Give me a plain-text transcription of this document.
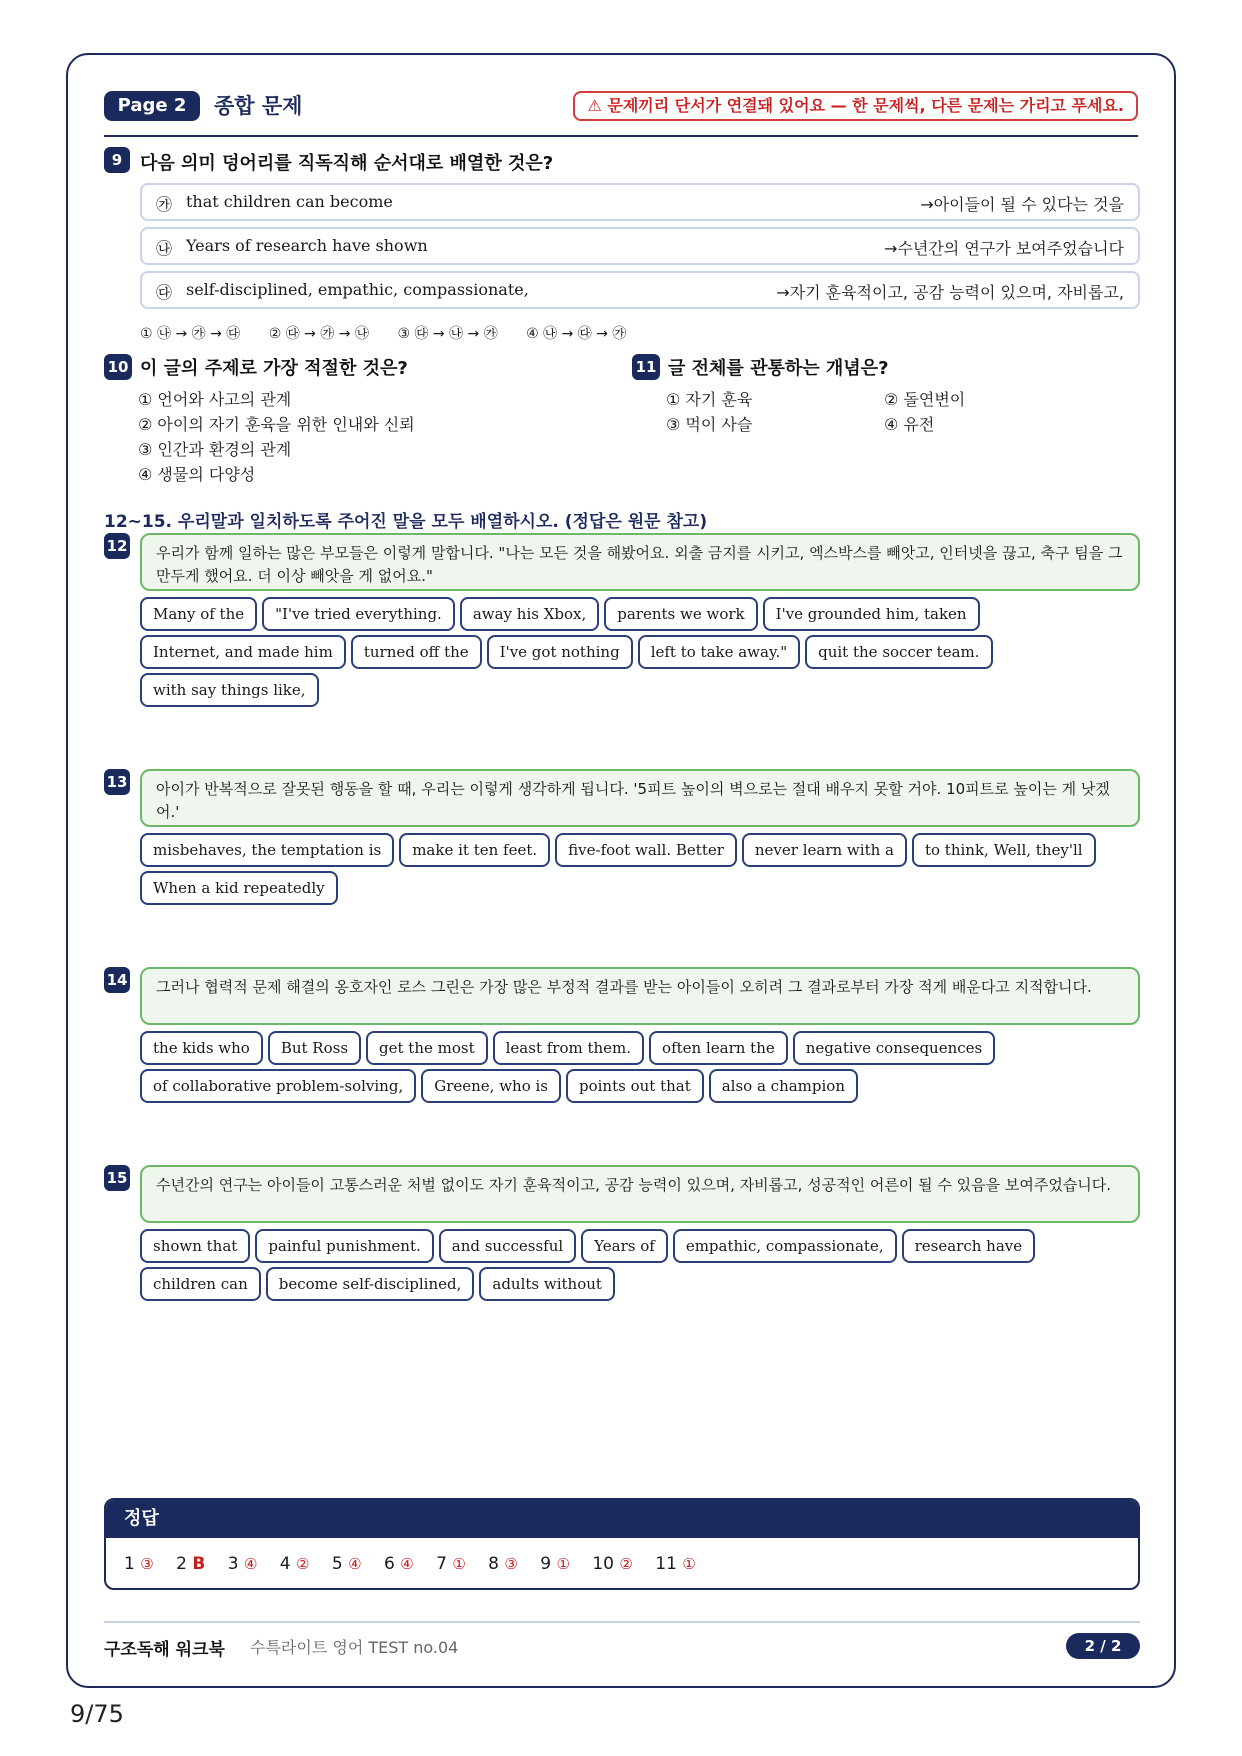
Page 2	종합 문제	⚠ 문제끼리 단서가 연결돼 있어요 — 한 문제씩, 다른 문제는 가리고 푸세요.
9 다음 의미 덩어리를 직독직해 순서대로 배열한 것은?
㉮ that children can become	→아이들이 될 수 있다는 것을
㉯ Years of research have shown	→수년간의 연구가 보여주었습니다
㉰ self-disciplined, empathic, compassionate,	→자기 훈육적이고, 공감 능력이 있으며, 자비롭고,
① ㉯ → ㉮ → ㉰ ② ㉰ → ㉮ → ㉯ ③ ㉰ → ㉯ → ㉮ ④ ㉯ → ㉰ → ㉮
10 이 글의 주제로 가장 적절한 것은?
① 언어와 사고의 관계
② 아이의 자기 훈육을 위한 인내와 신뢰
③ 인간과 환경의 관계
④ 생물의 다양성
11 글 전체를 관통하는 개념은?
① 자기 훈육	② 돌연변이
③ 먹이 사슬	④ 유전
12~15. 우리말과 일치하도록 주어진 말을 모두 배열하시오. (정답은 원문 참고)
12	우리가 함께 일하는 많은 부모들은 이렇게 말합니다. "나는 모든 것을 해봤어요. 외출 금지를 시키고, 엑스박스를 빼앗고, 인터넷을 끊고, 축구 팀을 그만두게 했어요. 더 이상 빼앗을 게 없어요."
Many of the "I've tried everything. away his Xbox, parents we work I've grounded him, takenInternet, and made him turned off the I've got nothing left to take away." quit the soccer team.with say things like,
13	아이가 반복적으로 잘못된 행동을 할 때, 우리는 이렇게 생각하게 됩니다. '5피트 높이의 벽으로는 절대 배우지 못할 거야. 10피트로 높이는 게 낫겠어.'
misbehaves, the temptation is make it ten feet. five-foot wall. Better never learn with a to think, Well, they'llWhen a kid repeatedly
14	그러나 협력적 문제 해결의 옹호자인 로스 그린은 가장 많은 부정적 결과를 받는 아이들이 오히려 그 결과로부터 가장 적게 배운다고 지적합니다.
the kids who But Ross get the most least from them. often learn the negative consequencesof collaborative problem-solving, Greene, who is points out that also a champion
15	수년간의 연구는 아이들이 고통스러운 처벌 없이도 자기 훈육적이고, 공감 능력이 있으며, 자비롭고, 성공적인 어른이 될 수 있음을 보여주었습니다.
shown that painful punishment. and successful Years of empathic, compassionate, research havechildren can become self-disciplined, adults without
정답
1 ③ 2 B 3 ④ 4 ② 5 ④ 6 ④ 7 ① 8 ③ 9 ① 10 ② 11 ①
구조독해 워크북 수특라이트 영어 TEST no.04	2 / 2
9/75
